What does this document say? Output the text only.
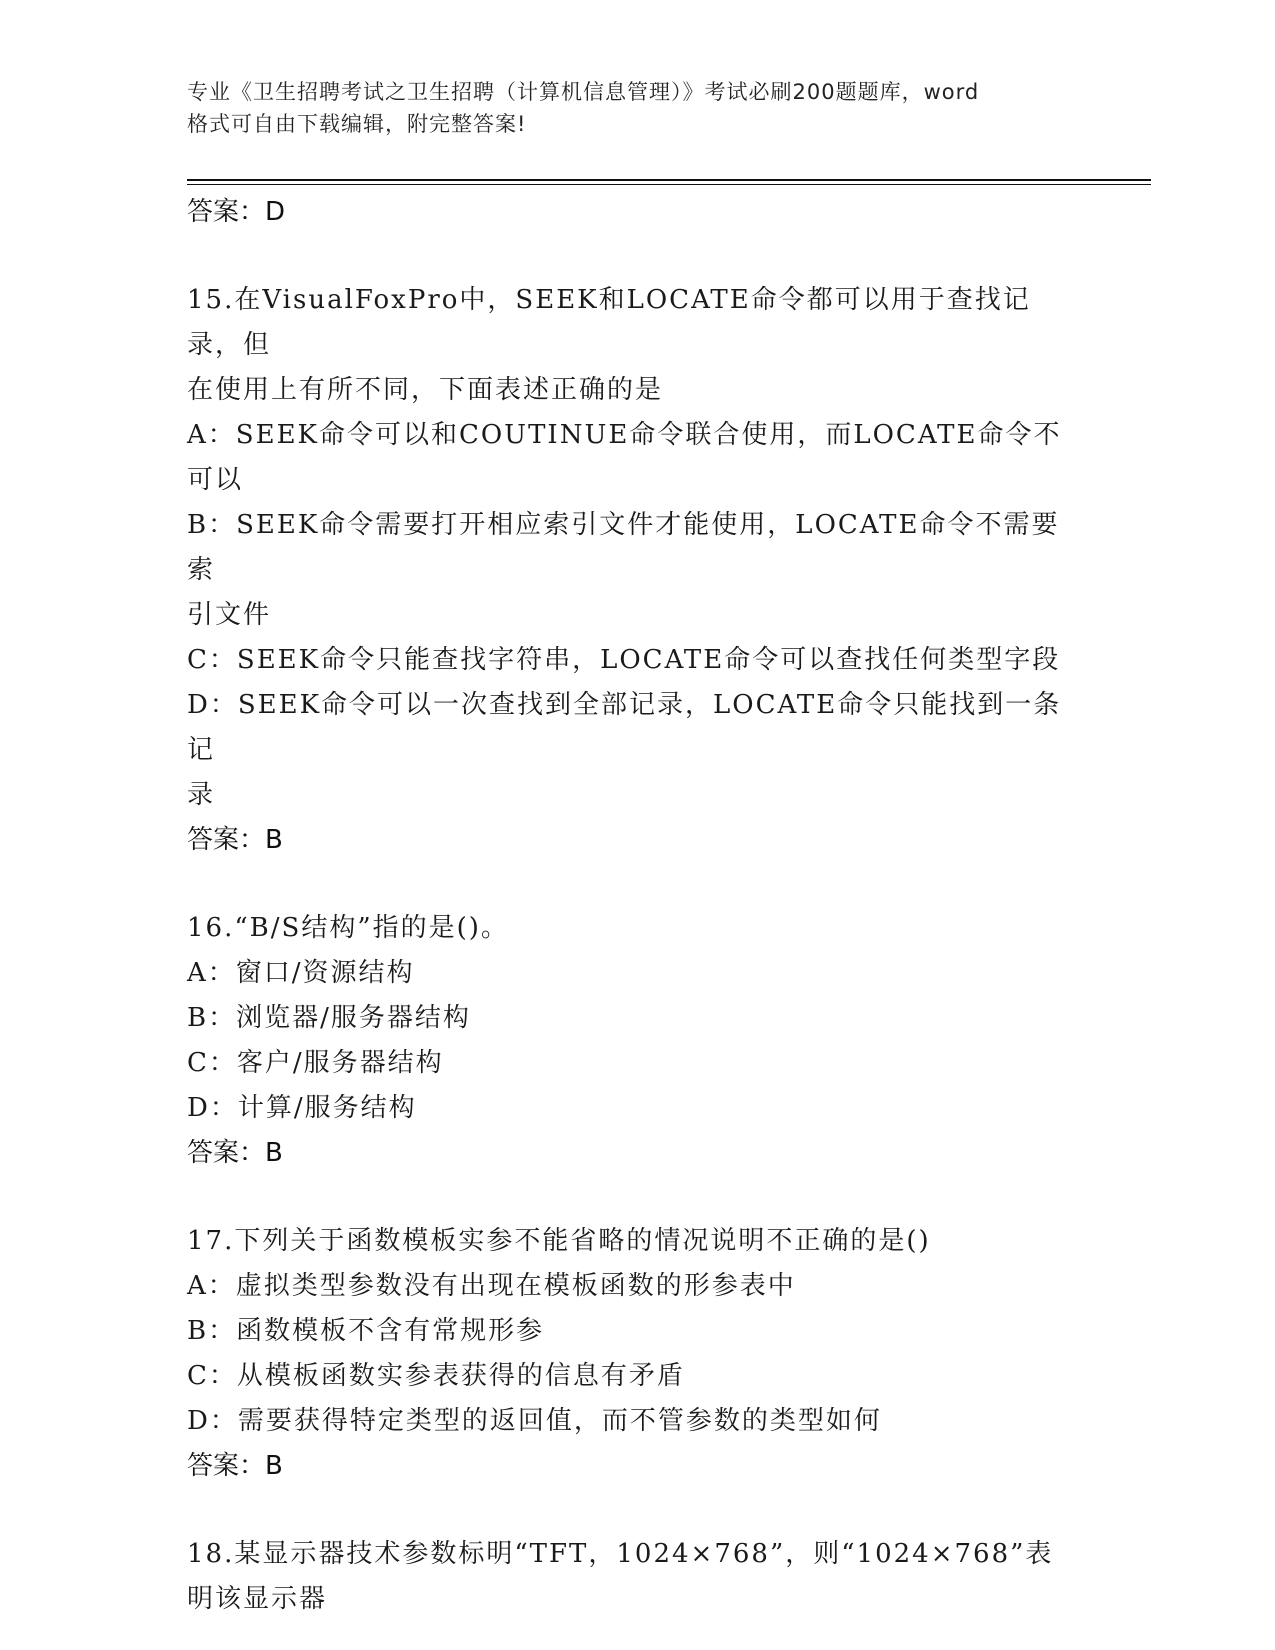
专业《卫生招聘考试之卫生招聘（计算机信息管理）》考试必刷200题题库，word
格式可自由下载编辑，附完整答案!

答案：D

15.在VisualFoxPro中，SEEK和LOCATE命令都可以用于查找记录，但

在使用上有所不同，下面表述正确的是

A：SEEK命令可以和COUTINUE命令联合使用，而LOCATE命令不可以

B：SEEK命令需要打开相应索引文件才能使用，LOCATE命令不需要索

引文件

C：SEEK命令只能查找字符串，LOCATE命令可以查找任何类型字段

D：SEEK命令可以一次查找到全部记录，LOCATE命令只能找到一条记

录

答案：B

16.“B/S结构”指的是()。

A：窗口/资源结构

B：浏览器/服务器结构

C：客户/服务器结构

D：计算/服务结构

答案：B

17.下列关于函数模板实参不能省略的情况说明不正确的是()

A：虚拟类型参数没有出现在模板函数的形参表中

B：函数模板不含有常规形参

C：从模板函数实参表获得的信息有矛盾

D：需要获得特定类型的返回值，而不管参数的类型如何

答案：B

18.某显示器技术参数标明“TFT，1024×768”，则“1024×768”表

明该显示器
